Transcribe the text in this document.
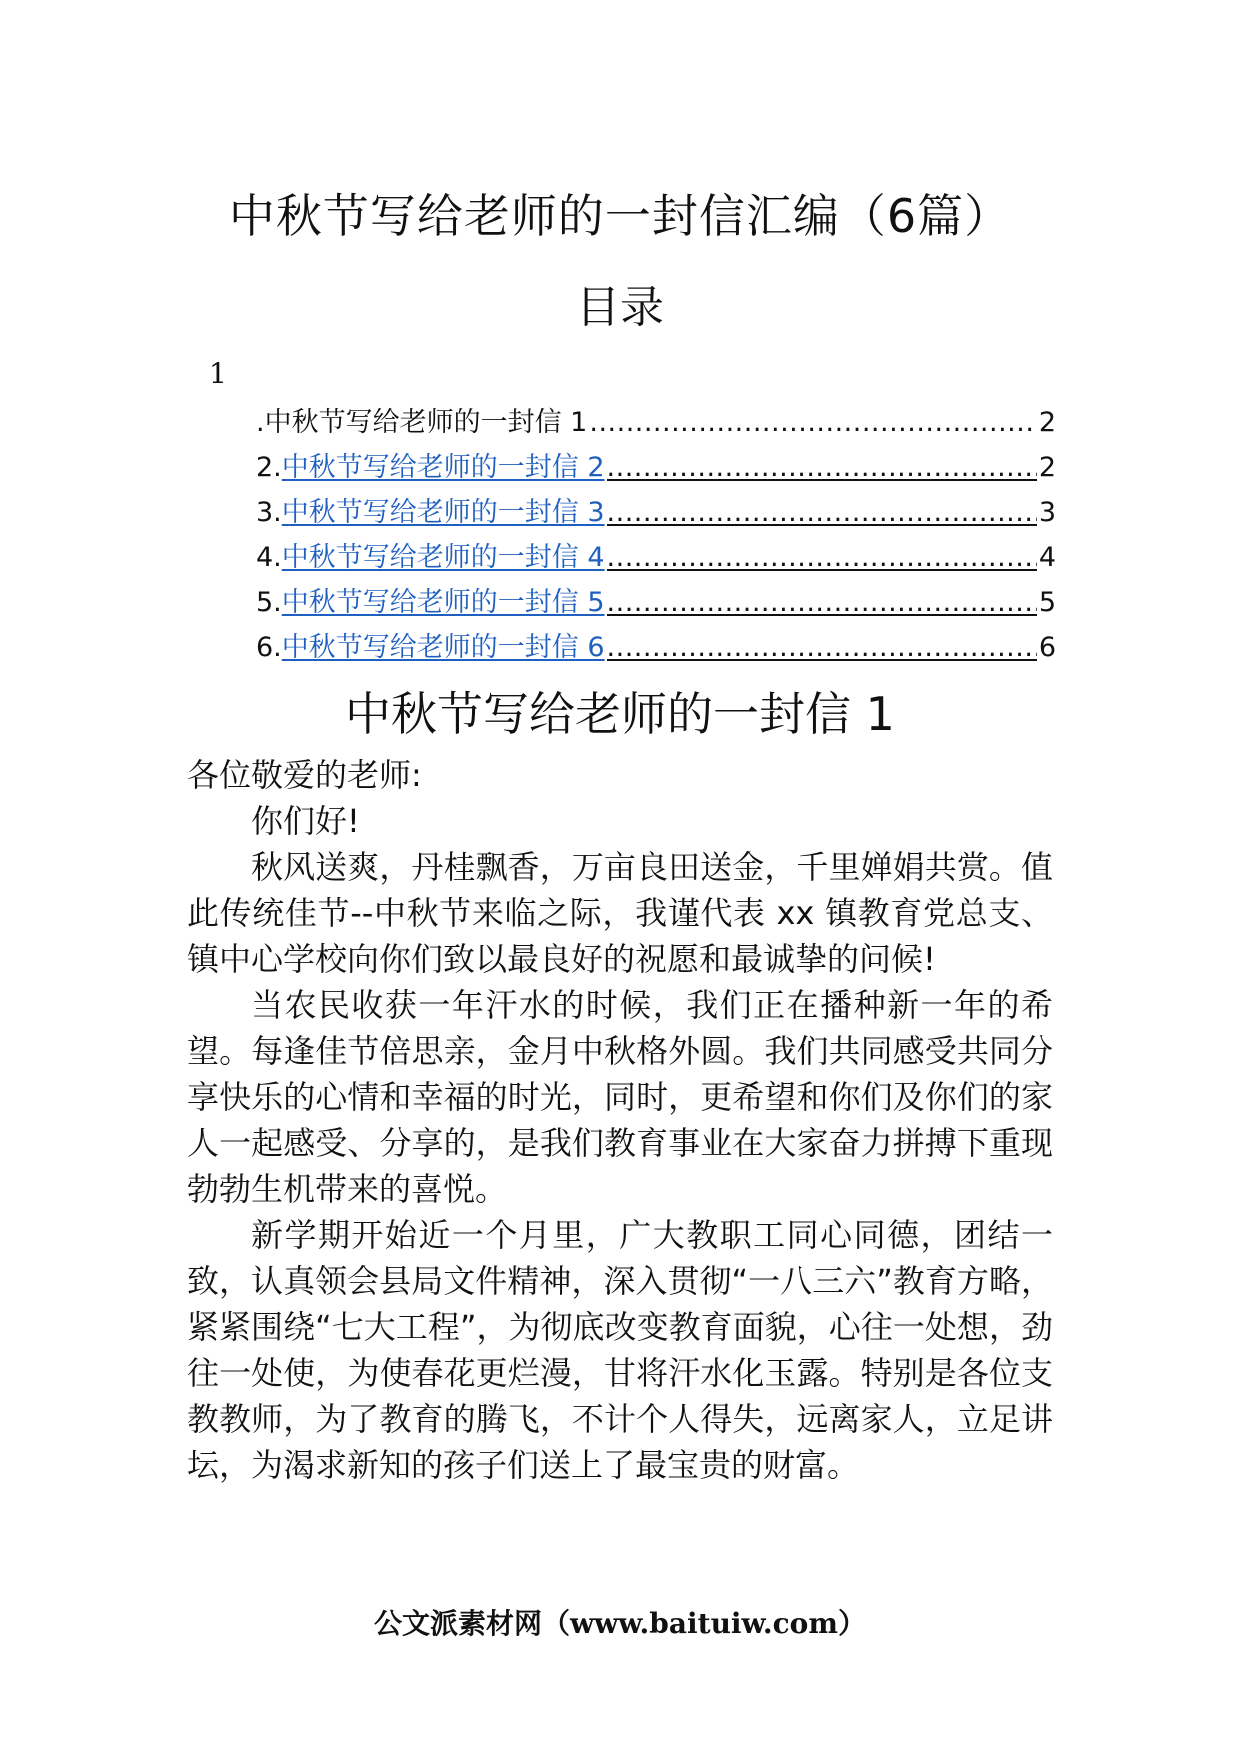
中秋节写给老师的一封信汇编（6篇）
目录
1
. 中秋节写给老师的一封信 1 .....	2
2. 中秋节写给老师的一封信 2 .....	2
3. 中秋节写给老师的一封信 3 .....	3
4. 中秋节写给老师的一封信 4 .....	4
5. 中秋节写给老师的一封信 5 .....	5
6. 中秋节写给老师的一封信 6 .....	6
中秋节写给老师的一封信 1

各位敬爱的老师:

你们好!

秋风送爽，丹桂飘香，万亩良田送金，千里婵娟共赏。值此传统佳节--中秋节来临之际，我谨代表 xx 镇教育党总支、镇中心学校向你们致以最良好的祝愿和最诚挚的问候!

当农民收获一年汗水的时候，我们正在播种新一年的希望。每逢佳节倍思亲，金月中秋格外圆。我们共同感受共同分享快乐的心情和幸福的时光，同时，更希望和你们及你们的家人一起感受、分享的，是我们教育事业在大家奋力拼搏下重现勃勃生机带来的喜悦。

新学期开始近一个月里，广大教职工同心同德，团结一致，认真领会县局文件精神，深入贯彻“一八三六”教育方略，紧紧围绕“七大工程”，为彻底改变教育面貌，心往一处想，劲往一处使，为使春花更烂漫，甘将汗水化玉露。特别是各位支教教师，为了教育的腾飞，不计个人得失，远离家人，立足讲坛，为渴求新知的孩子们送上了最宝贵的财富。

公文派素材网（www.baituiw.com）
